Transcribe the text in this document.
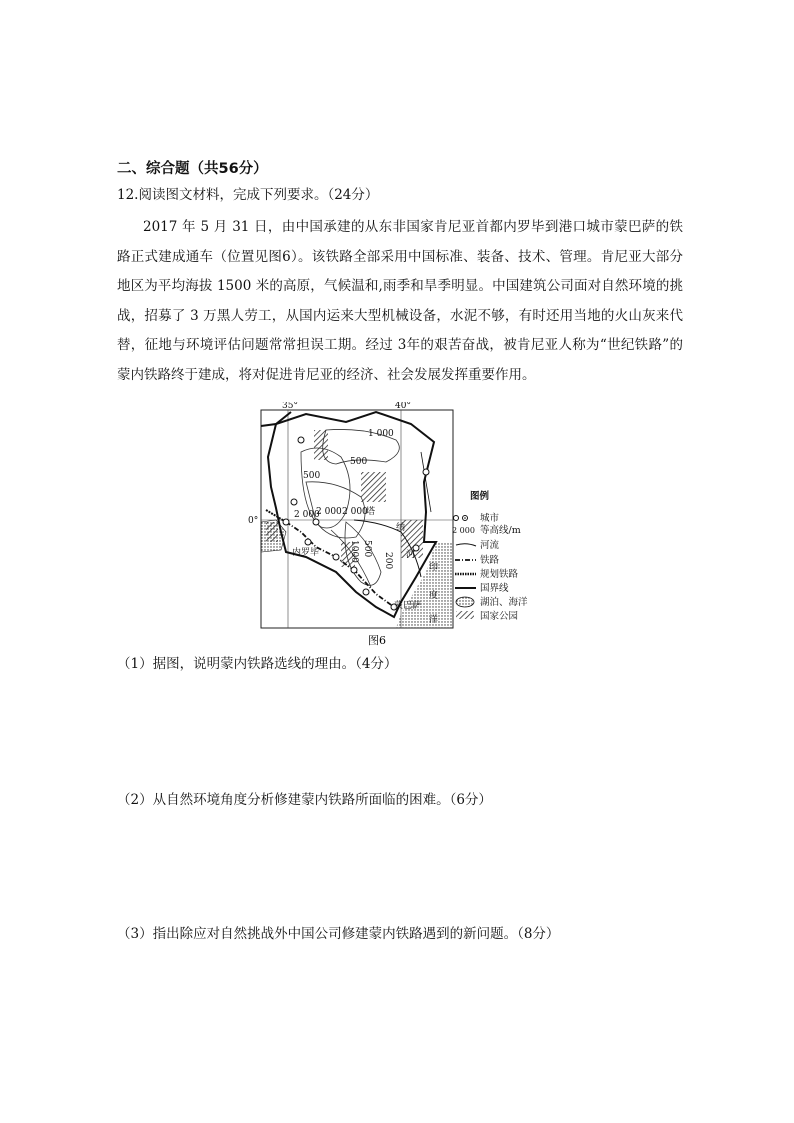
二、综合题（共56分）
12.阅读图文材料，完成下列要求。（24分）
2017 年 5 月 31 日，由中国承建的从东非国家肯尼亚首都内罗毕到港口城市蒙巴萨的铁路正式建成通车（位置见图6）。该铁路全部采用中国标准、装备、技术、管理。肯尼亚大部分地区为平均海拔 1500 米的高原，气候温和,雨季和旱季明显。中国建筑公司面对自然环境的挑战，招募了 3 万黑人劳工，从国内运来大型机械设备，水泥不够，有时还用当地的火山灰来代替，征地与环境评估问题常常担误工期。经过 3年的艰苦奋战，被肯尼亚人称为“世纪铁路”的蒙内铁路终于建成，将对促进肯尼亚的经济、社会发展发挥重要作用。
35°	40°
0°
1 000
500
500
2 000
2 000 2 000
塔
纳
河
印
度
洋
内罗毕
蒙巴萨
1000 500
200
图例
城市
2 000 等高线/m
河流
铁路
规划铁路
国界线
湖泊、海洋
国家公园
图6
（1）据图，说明蒙内铁路选线的理由。（4分）
（2）从自然环境角度分析修建蒙内铁路所面临的困难。（6分）
（3）指出除应对自然挑战外中国公司修建蒙内铁路遇到的新问题。（8分）
